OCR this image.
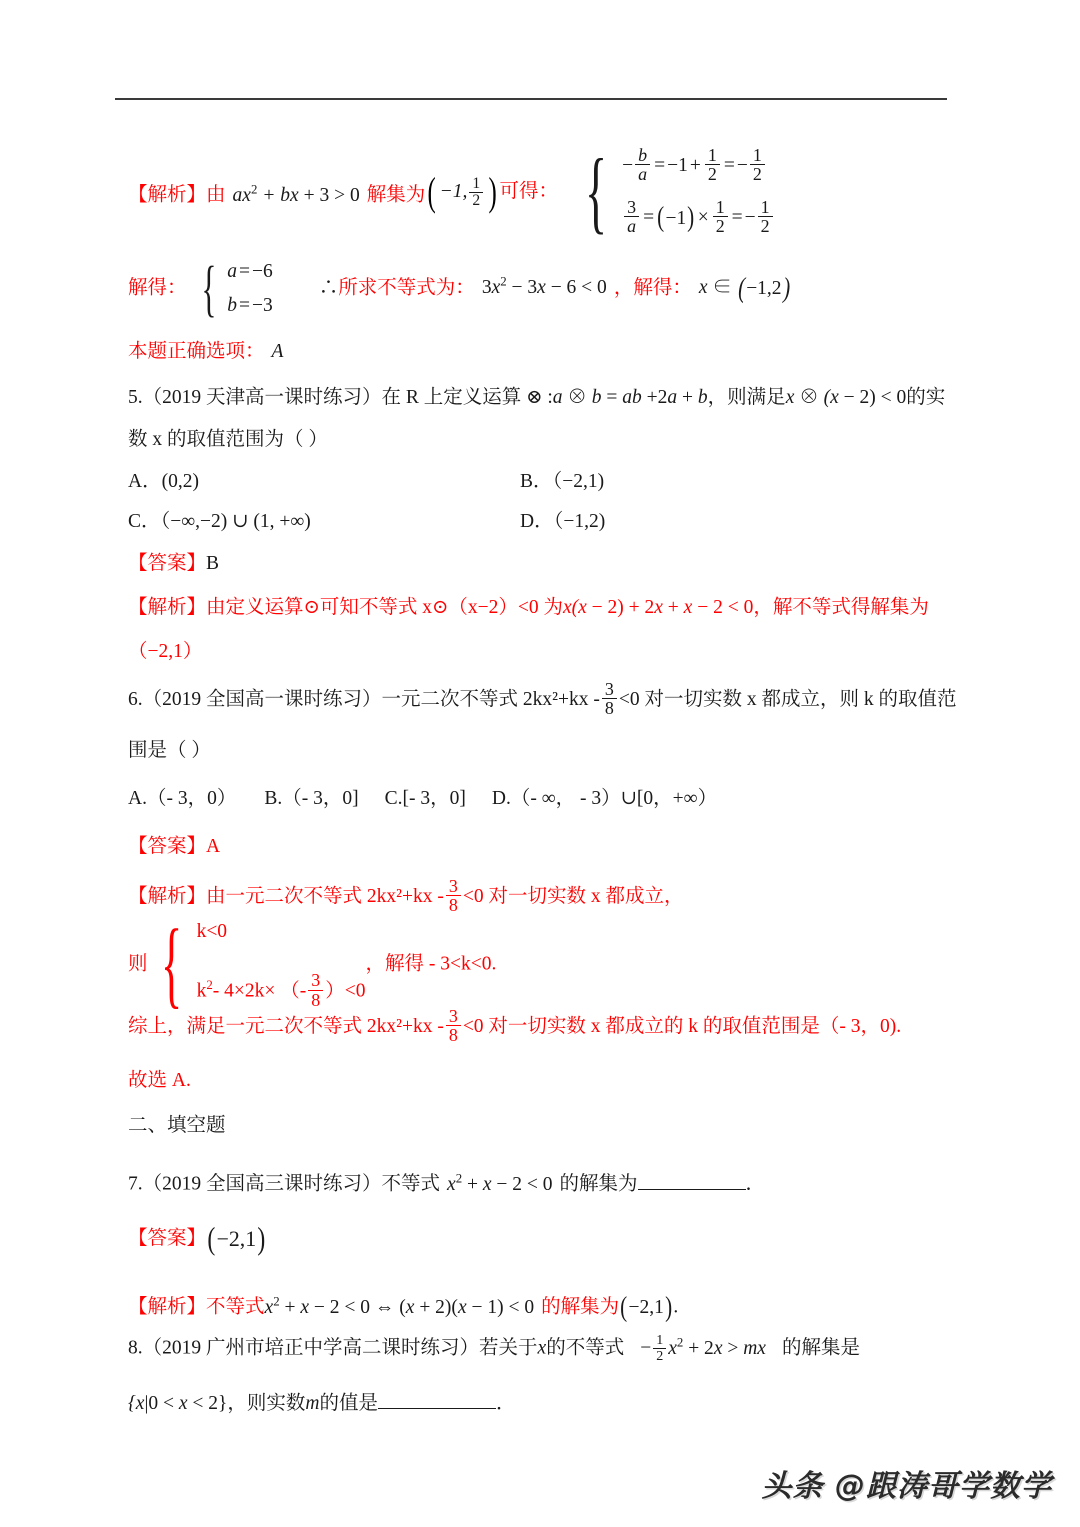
【解析】由 $ax^2$ + bx + 3 > 0 解集为 ( −1, $\frac{1}{2}$ ) 可得： { − $\frac{b}{a} = -1 + \frac{1}{2}$ = − $\frac{1}{2}$
$\frac{3}{a}$ = ( −1 ) × $\frac{1}{2}$ = − $\frac{1}{2}$
解得： { a = −6
b = −3
∴所求不等式为： $3x^2 - 3x - 6 < 0$ ，解得： x ∈ ( −1,2 )
本题正确选项： A
5.（2019 天津高一课时练习）在 R 上定义运算 ⊗ :a ⊗ b = ab +2a + b，则满足x ⊗ (x − 2) < 0的实
数 x 的取值范围为（ ）
A．(0,2)	B．（−2,1)
C．（−∞,−2) ∪ (1, +∞)	D．（−1,2)
【答案】B
【解析】由定义运算⊙可知不等式 x⊙（x−2）<0 为x(x − 2) + 2x + x − 2 < 0，解不等式得解集为
（−2,1）
6.（2019 全国高一课时练习）一元二次不等式 $2kx^2+kx - \frac{3}{8} <0$ 对一切实数 x 都成立，则 k 的取值范
围是（ ）
A.（- 3，0） B.（- 3，0] C.[- 3，0] D.（- ∞， - 3）∪[0，+∞）
【答案】A
【解析】由一元二次不等式 $2kx^2+kx - \frac{3}{8} <0$ 对一切实数 x 都成立，
则 { k<0
$k^2-$ 4×2k× （- $\frac{3}{8} )<0$
，解得 - 3<k<0.
综上，满足一元二次不等式 $2kx^2+kx - \frac{3}{8} <0$ 对一切实数 x 都成立的 k 的取值范围是（- 3，0).
故选 A.
二、填空题
7.（2019 全国高三课时练习）不等式 $x^2 + x - 2 < 0$ 的解集为	．
【答案】 ( −2,1 )
【解析】不等式$x^2 + x - 2 < 0$ ⇔ (x + 2)(x − 1) < 0 的解集为 ( −2,1 ) .
8.（2019 广州市培正中学高二课时练习）若关于x的不等式 − $\frac{1}{2} x^2 + 2x$ > mx 的解集是
{x|0 < x < 2}，则实数m的值是	．
头条 @跟涛哥学数学
